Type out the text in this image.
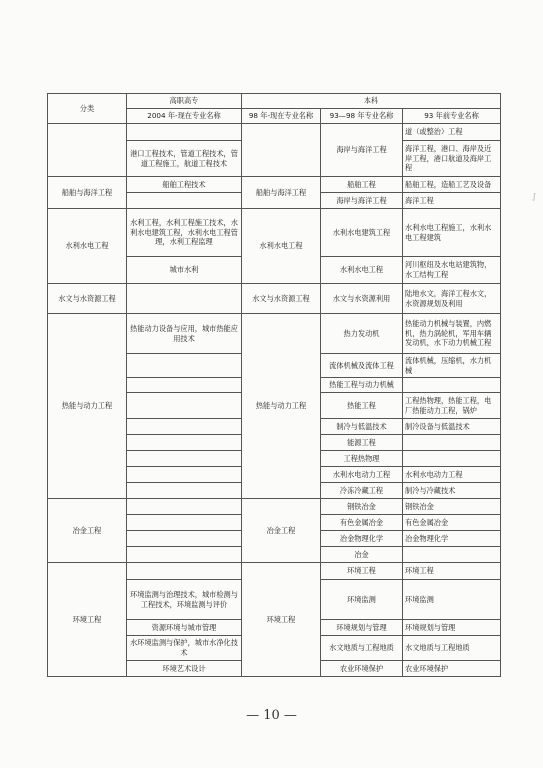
分类	高职高专	本科		
	2004 年-现在专业名称	98 年-现在专业名称	93—98 年专业名称	93 年前专业名称
			海岸与海洋工程	道（或整治）工程
	港口工程技术，管道工程技术，管道工程施工，航道工程技术			海洋工程，港口、海岸及近岸工程，港口航道及海岸工程
船舶与海洋工程	船舶工程技术	船舶与海洋工程	船舶工程	船舶工程，造船工艺及设备
			海岸与海洋工程	海洋工程
水利水电工程	水利工程，水利工程施工技术，水利水电建筑工程，水利水电工程管理，水利工程监理	水利水电工程	水利水电建筑工程	水利水电工程施工，水利水电工程建筑
	城市水利		水利水电工程	河川枢纽及水电站建筑物，水工结构工程
水文与水资源工程		水文与水资源工程	水文与水资源利用	陆地水文，海洋工程水文，水资源规划及利用
热能与动力工程	热能动力设备与应用，城市热能应用技术	热能与动力工程	热力发动机	热能动力机械与装置，内燃机，热力涡轮机，军用车辆发动机，水下动力机械工程
			流体机械及流体工程	流体机械，压缩机，水力机械
			热能工程与动力机械	
			热能工程	工程热物理，热能工程，电厂热能动力工程，锅炉
			制冷与低温技术	制冷设备与低温技术
			能源工程	
			工程热物理	
			水利水电动力工程	水利水电动力工程
			冷冻冷藏工程	制冷与冷藏技术
冶金工程		冶金工程	钢铁冶金	钢铁冶金
			有色金属冶金	有色金属冶金
			冶金物理化学	冶金物理化学
			冶金	
环境工程		环境工程	环境工程	环境工程
	环境监测与治理技术，城市检测与工程技术，环境监测与评价		环境监测	环境监测
	资源环境与城市管理		环境规划与管理	环境规划与管理
	水环境监测与保护，城市水净化技术		水文地质与工程地质	水文地质与工程地质
	环境艺术设计		农业环境保护	农业环境保护
— 10 —
∫
